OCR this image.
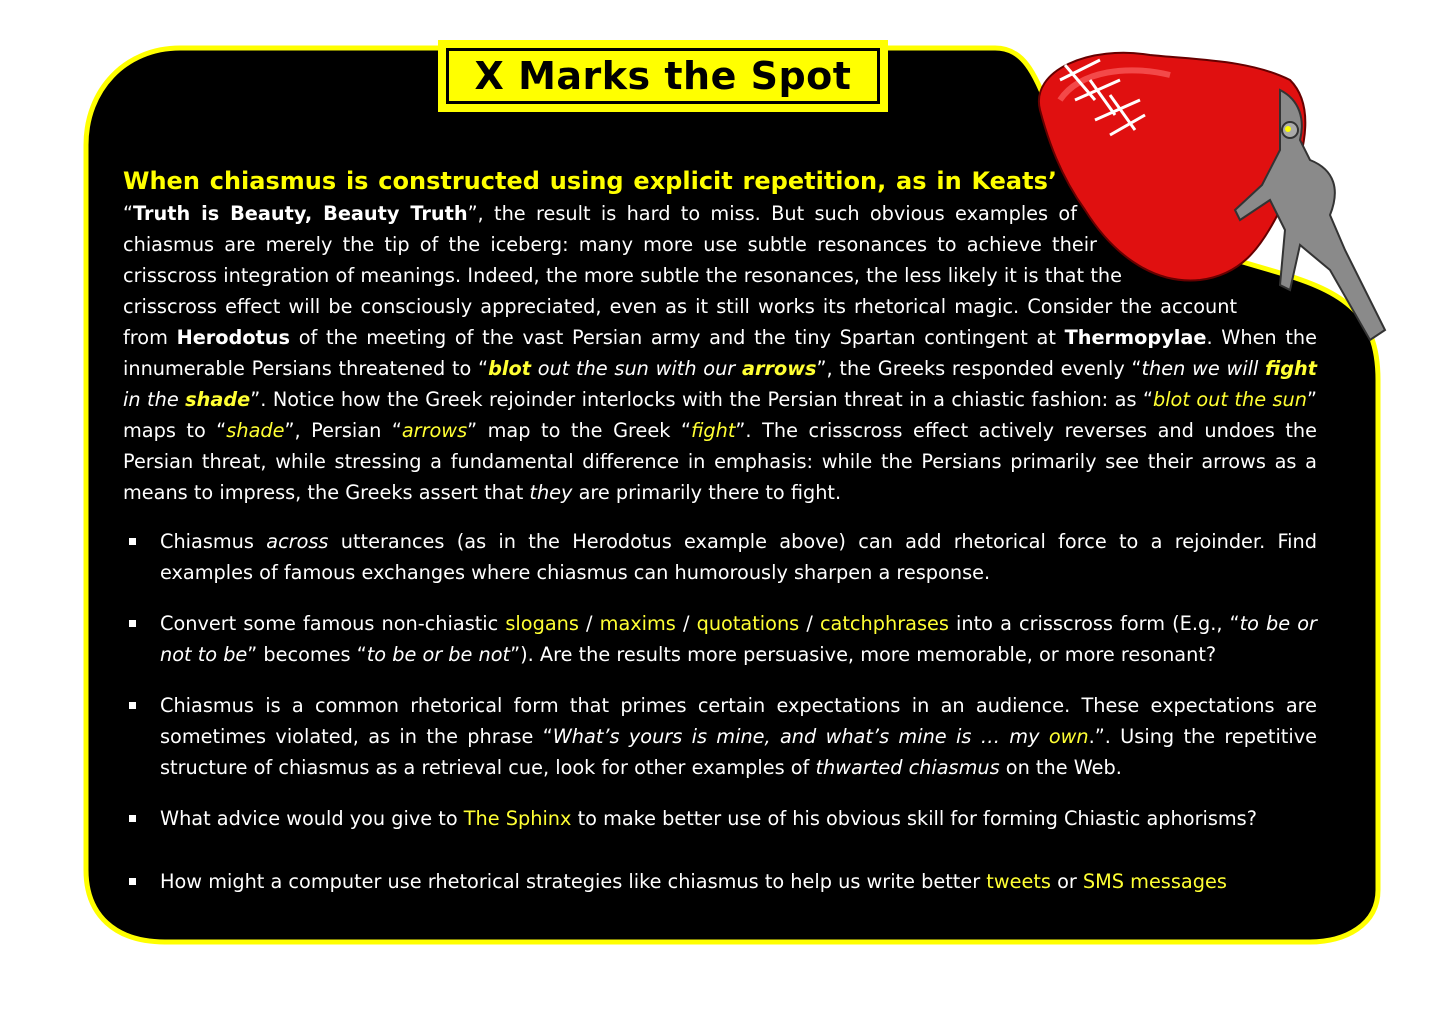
X Marks the Spot

When chiasmus is constructed using explicit repetition, as in Keats’ “Truth is Beauty, Beauty Truth”, the result is hard to miss. But such obvious examples of chiasmus are merely the tip of the iceberg: many more use subtle resonances to achieve their crisscross integration of meanings. Indeed, the more subtle the resonances, the less likely it is that the crisscross effect will be consciously appreciated, even as it still works its rhetorical magic. Consider the account from Herodotus of the meeting of the vast Persian army and the tiny Spartan contingent at Thermopylae. When the innumerable Persians threatened to “blot out the sun with our arrows”, the Greeks responded evenly “then we will fight in the shade”. Notice how the Greek rejoinder interlocks with the Persian threat in a chiastic fashion: as “blot out the sun” maps to “shade”, Persian “arrows” map to the Greek “fight”. The crisscross effect actively reverses and undoes the Persian threat, while stressing a fundamental difference in emphasis: while the Persians primarily see their arrows as a means to impress, the Greeks assert that they are primarily there to fight.

Chiasmus across utterances (as in the Herodotus example above) can add rhetorical force to a rejoinder. Find examples of famous exchanges where chiasmus can humorously sharpen a response.
Convert some famous non-chiastic slogans / maxims / quotations / catchphrases into a crisscross form (E.g., “to be or not to be” becomes “to be or be not”). Are the results more persuasive, more memorable, or more resonant?
Chiasmus is a common rhetorical form that primes certain expectations in an audience. These expectations are sometimes violated, as in the phrase “What’s yours is mine, and what’s mine is … my own.”. Using the repetitive structure of chiasmus as a retrieval cue, look for other examples of thwarted chiasmus on the Web.
What advice would you give to The Sphinx to make better use of his obvious skill for forming Chiastic aphorisms?
How might a computer use rhetorical strategies like chiasmus to help us write better tweets or SMS messages
